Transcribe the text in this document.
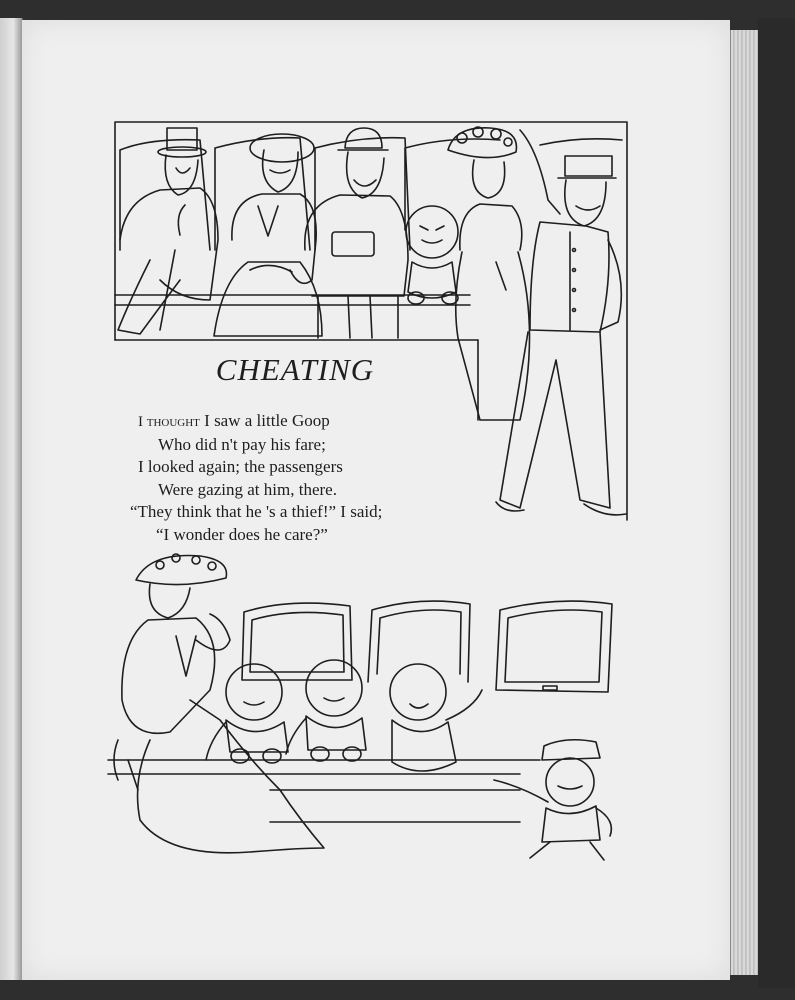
CHEATING
I thought I saw a little Goop
Who did n't pay his fare;
I looked again; the passengers
Were gazing at him, there.
“They think that he 's a thief!” I said;
“I wonder does he care?”
